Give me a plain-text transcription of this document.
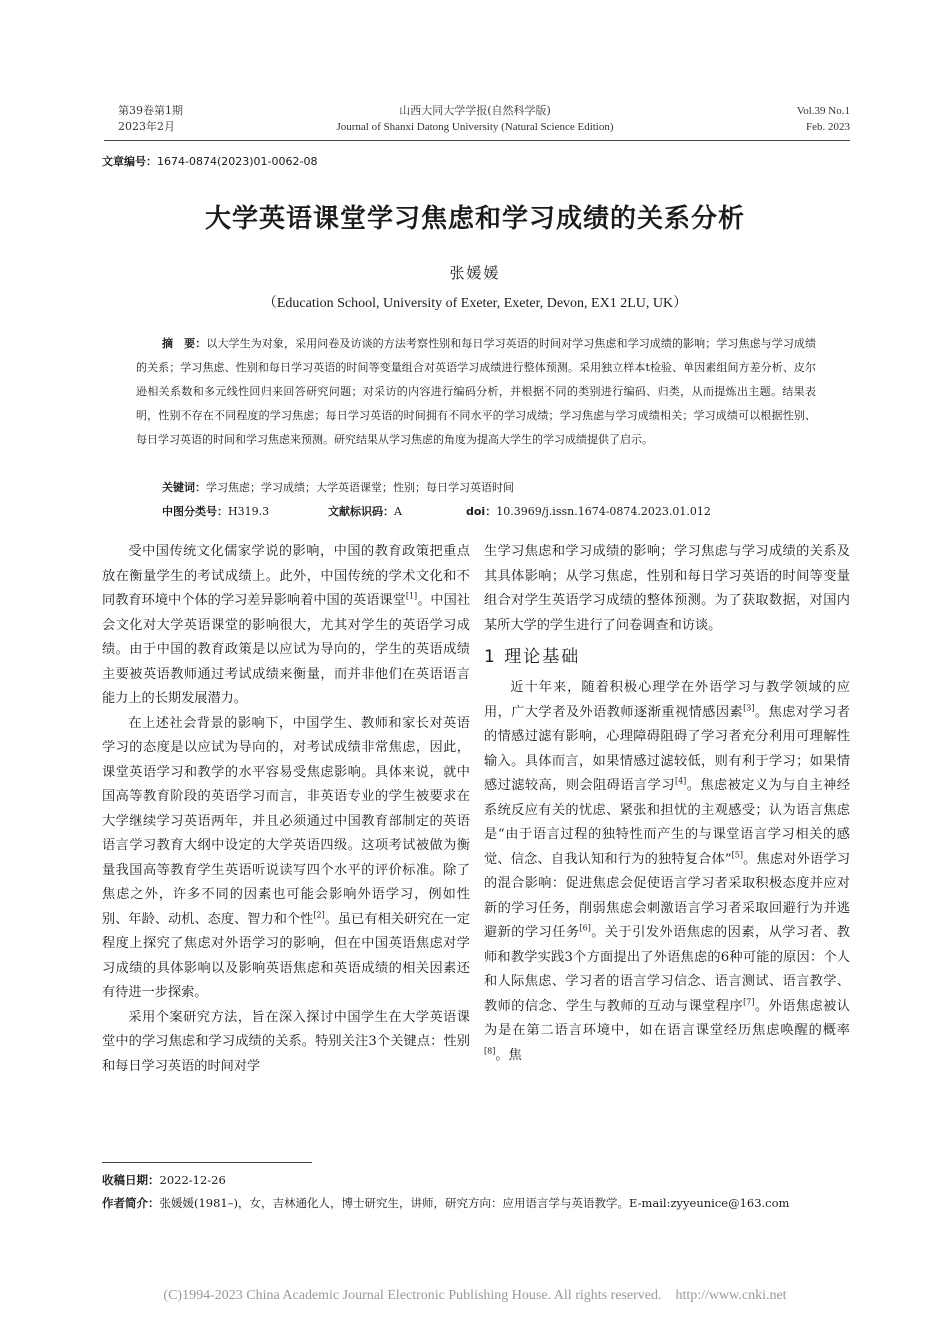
第39卷第1期
2023年2月
山西大同大学学报(自然科学版)
Journal of Shanxi Datong University (Natural Science Edition)
Vol.39 No.1
Feb. 2023
文章编号：1674-0874(2023)01-0062-08
大学英语课堂学习焦虑和学习成绩的关系分析
张媛媛
（Education School, University of Exeter, Exeter, Devon, EX1 2LU, UK）
摘　要：以大学生为对象，采用问卷及访谈的方法考察性别和每日学习英语的时间对学习焦虑和学习成绩的影响；学习焦虑与学习成绩的关系；学习焦虑、性别和每日学习英语的时间等变量组合对英语学习成绩进行整体预测。采用独立样本t检验、单因素组间方差分析、皮尔逊相关系数和多元线性回归来回答研究问题；对采访的内容进行编码分析，并根据不同的类别进行编码、归类，从而提炼出主题。结果表明，性别不存在不同程度的学习焦虑；每日学习英语的时间拥有不同水平的学习成绩；学习焦虑与学习成绩相关；学习成绩可以根据性别、每日学习英语的时间和学习焦虑来预测。研究结果从学习焦虑的角度为提高大学生的学习成绩提供了启示。
关键词：学习焦虑；学习成绩；大学英语课堂；性别；每日学习英语时间
中图分类号：H319.3	文献标识码：A	doi：10.3969/j.issn.1674-0874.2023.01.012

受中国传统文化儒家学说的影响，中国的教育政策把重点放在衡量学生的考试成绩上。此外，中国传统的学术文化和不同教育环境中个体的学习差异影响着中国的英语课堂[1]。中国社会文化对大学英语课堂的影响很大，尤其对学生的英语学习成绩。由于中国的教育政策是以应试为导向的，学生的英语成绩主要被英语教师通过考试成绩来衡量，而并非他们在英语语言能力上的长期发展潜力。

在上述社会背景的影响下，中国学生、教师和家长对英语学习的态度是以应试为导向的，对考试成绩非常焦虑，因此，课堂英语学习和教学的水平容易受焦虑影响。具体来说，就中国高等教育阶段的英语学习而言，非英语专业的学生被要求在大学继续学习英语两年，并且必须通过中国教育部制定的英语语言学习教育大纲中设定的大学英语四级。这项考试被做为衡量我国高等教育学生英语听说读写四个水平的评价标准。除了焦虑之外，许多不同的因素也可能会影响外语学习，例如性别、年龄、动机、态度、智力和个性[2]。虽已有相关研究在一定程度上探究了焦虑对外语学习的影响，但在中国英语焦虑对学习成绩的具体影响以及影响英语焦虑和英语成绩的相关因素还有待进一步探索。

采用个案研究方法，旨在深入探讨中国学生在大学英语课堂中的学习焦虑和学习成绩的关系。特别关注3个关键点：性别和每日学习英语的时间对学

生学习焦虑和学习成绩的影响；学习焦虑与学习成绩的关系及其具体影响；从学习焦虑，性别和每日学习英语的时间等变量组合对学生英语学习成绩的整体预测。为了获取数据，对国内某所大学的学生进行了问卷调查和访谈。

1 理论基础

近十年来，随着积极心理学在外语学习与教学领域的应用，广大学者及外语教师逐渐重视情感因素[3]。焦虑对学习者的情感过滤有影响，心理障碍阻碍了学习者充分利用可理解性输入。具体而言，如果情感过滤较低，则有利于学习；如果情感过滤较高，则会阻碍语言学习[4]。焦虑被定义为与自主神经系统反应有关的忧虑、紧张和担忧的主观感受；认为语言焦虑是“由于语言过程的独特性而产生的与课堂语言学习相关的感觉、信念、自我认知和行为的独特复合体”[5]。焦虑对外语学习的混合影响：促进焦虑会促使语言学习者采取积极态度并应对新的学习任务，削弱焦虑会刺激语言学习者采取回避行为并逃避新的学习任务[6]。关于引发外语焦虑的因素，从学习者、教师和教学实践3个方面提出了外语焦虑的6种可能的原因：个人和人际焦虑、学习者的语言学习信念、语言测试、语言教学、教师的信念、学生与教师的互动与课堂程序[7]。外语焦虑被认为是在第二语言环境中，如在语言课堂经历焦虑唤醒的概率[8]。焦

收稿日期：2022-12-26
作者简介：张媛媛(1981–)，女，吉林通化人，博士研究生，讲师，研究方向：应用语言学与英语教学。E-mail:zyyeunice@163.com
(C)1994-2023 China Academic Journal Electronic Publishing House. All rights reserved.    http://www.cnki.net
